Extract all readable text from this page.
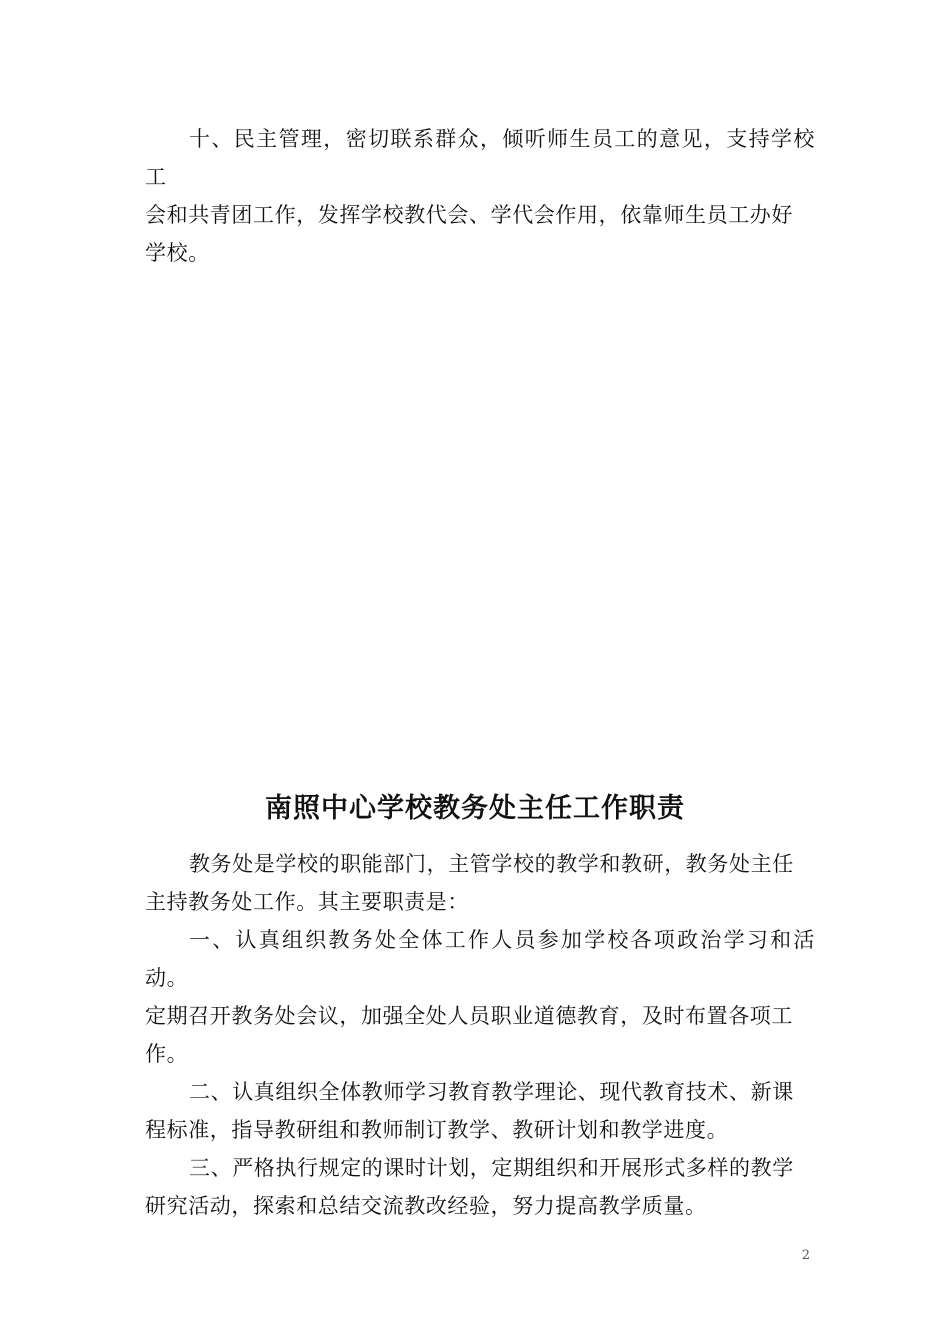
十、民主管理，密切联系群众，倾听师生员工的意见，支持学校工
会和共青团工作，发挥学校教代会、学代会作用，依靠师生员工办好
学校。

南照中心学校教务处主任工作职责

教务处是学校的职能部门，主管学校的教学和教研，教务处主任
主持教务处工作。其主要职责是：

一、认真组织教务处全体工作人员参加学校各项政治学习和活动。
定期召开教务处会议，加强全处人员职业道德教育，及时布置各项工
作。

二、认真组织全体教师学习教育教学理论、现代教育技术、新课
程标准，指导教研组和教师制订教学、教研计划和教学进度。

三、严格执行规定的课时计划，定期组织和开展形式多样的教学
研究活动，探索和总结交流教改经验，努力提高教学质量。

2
